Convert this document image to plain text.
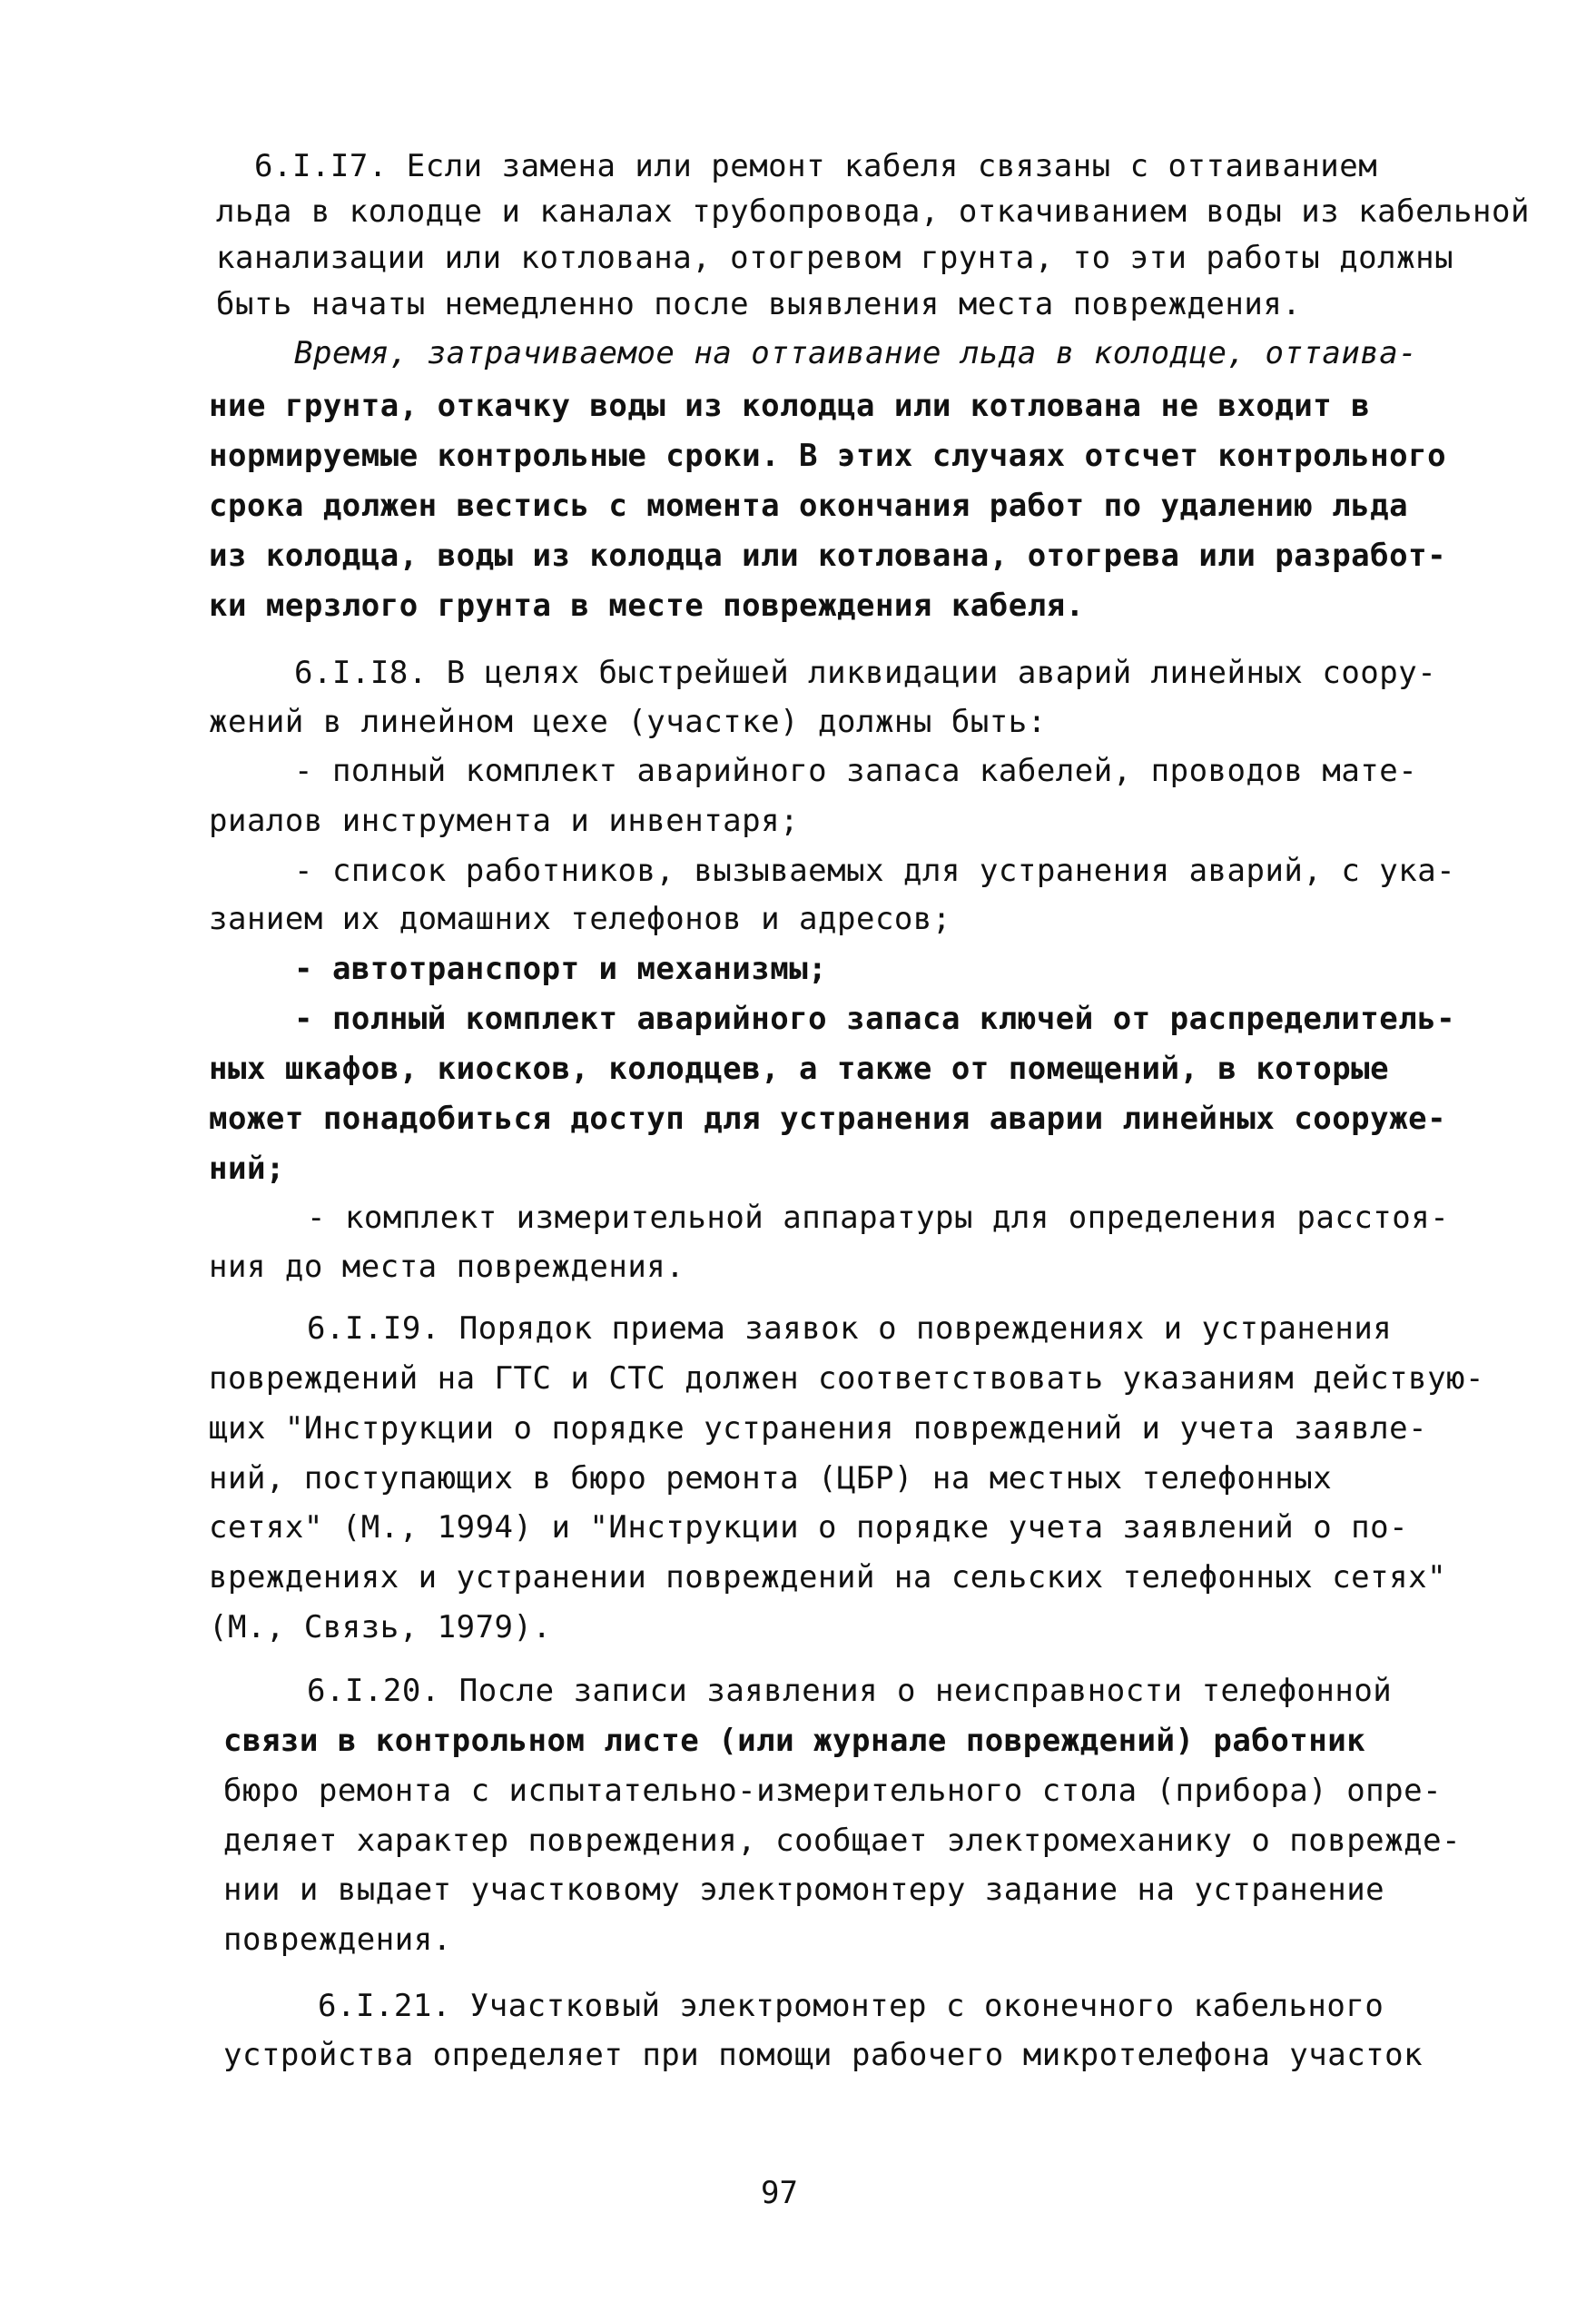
6.I.I7. Если замена или ремонт кабеля связаны с оттаиванием
льда в колодце и каналах трубопровода, откачиванием воды из кабельной
канализации или котлована, отогревом грунта, то эти работы должны
быть начаты немедленно после выявления места повреждения.
Время, затрачиваемое на оттаивание льда в колодце, оттаива-
ние грунта, откачку воды из колодца или котлована не входит в
нормируемые контрольные сроки. В этих случаях отсчет контрольного
срока должен вестись с момента окончания работ по удалению льда
из колодца, воды из колодца или котлована, отогрева или разработ-
ки мерзлого грунта в месте повреждения кабеля.
6.I.I8. В целях быстрейшей ликвидации аварий линейных соору-
жений в линейном цехе (участке) должны быть:
- полный комплект аварийного запаса кабелей, проводов мате-
риалов инструмента и инвентаря;
- список работников, вызываемых для устранения аварий, с ука-
занием их домашних телефонов и адресов;
- автотранспорт и механизмы;
- полный комплект аварийного запаса ключей от распределитель-
ных шкафов, киосков, колодцев, а также от помещений, в которые
может понадобиться доступ для устранения аварии линейных сооруже-
ний;
- комплект измерительной аппаратуры для определения расстоя-
ния до места повреждения.
6.I.I9. Порядок приема заявок о повреждениях и устранения
повреждений на ГТС и СТС должен соответствовать указаниям действую-
щих "Инструкции о порядке устранения повреждений и учета заявле-
ний, поступающих в бюро ремонта (ЦБР) на местных телефонных
сетях" (М., 1994) и "Инструкции о порядке учета заявлений о по-
вреждениях и устранении повреждений на сельских телефонных сетях"
(М., Связь, 1979).
6.I.20. После записи заявления о неисправности телефонной
связи в контрольном листе (или журнале повреждений) работник
бюро ремонта с испытательно-измерительного стола (прибора) опре-
деляет характер повреждения, сообщает электромеханику о поврежде-
нии и выдает участковому электромонтеру задание на устранение
повреждения.
6.I.21. Участковый электромонтер с оконечного кабельного
устройства определяет при помощи рабочего микротелефона участок
97
